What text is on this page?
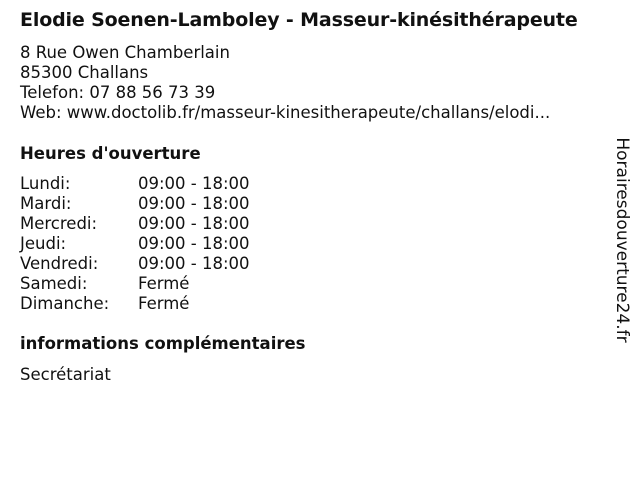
Elodie Soenen-Lamboley - Masseur-kinésithérapeute
8 Rue Owen Chamberlain
85300 Challans
Telefon: 07 88 56 73 39
Web: www.doctolib.fr/masseur-kinesitherapeute/challans/elodi...
Heures d'ouverture
Lundi:	09:00 - 18:00
Mardi:	09:00 - 18:00
Mercredi:	09:00 - 18:00
Jeudi:	09:00 - 18:00
Vendredi:	09:00 - 18:00
Samedi:	Fermé
Dimanche:	Fermé
informations complémentaires
Secrétariat
Horairesdouverture24.fr
